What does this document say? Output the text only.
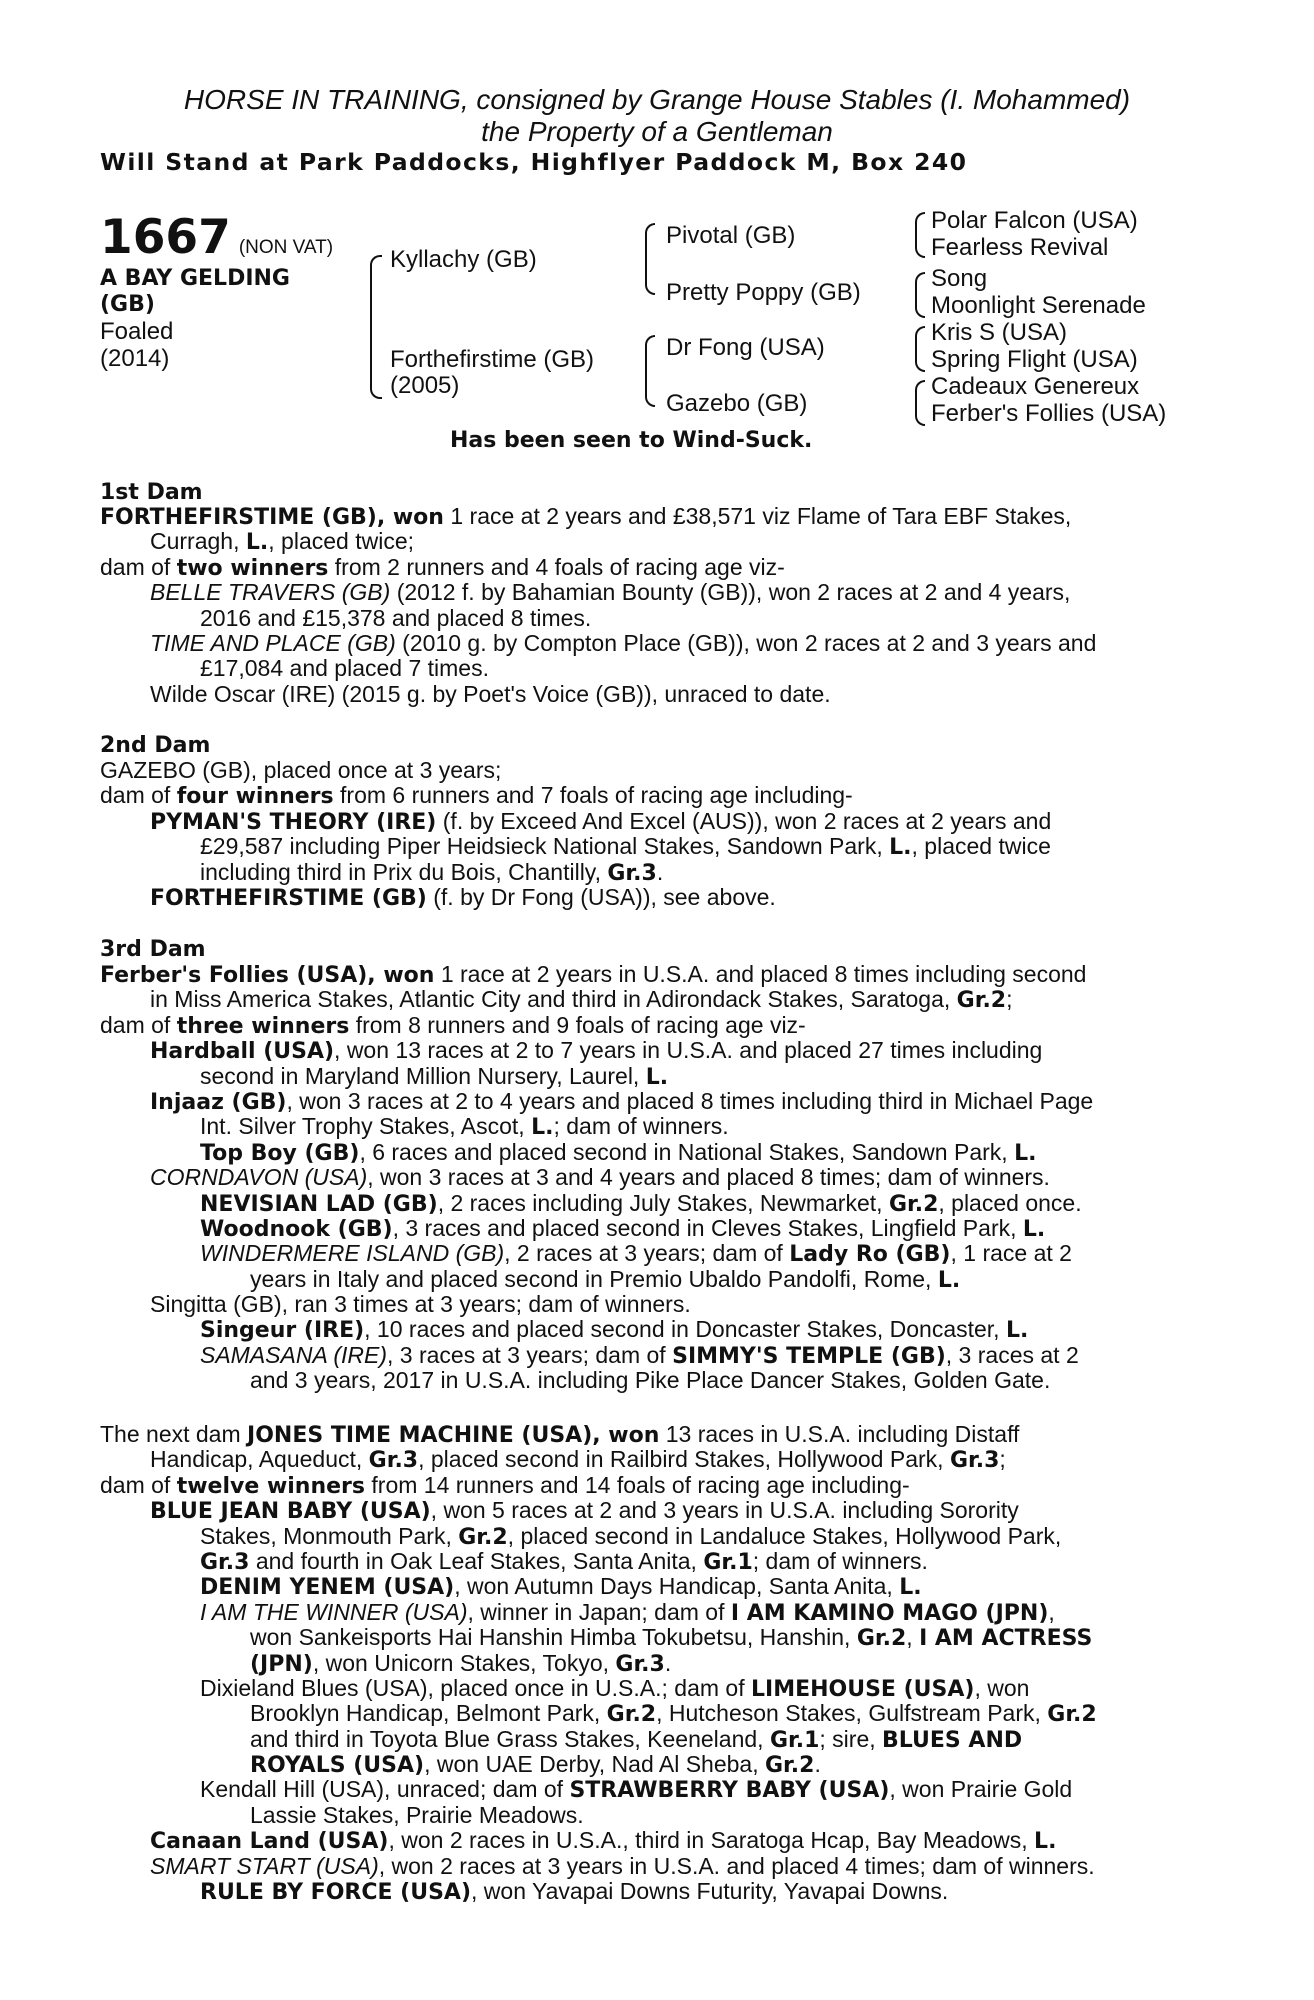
HORSE IN TRAINING, consigned by Grange House Stables (I. Mohammed)
the Property of a Gentleman
Will Stand at Park Paddocks, Highflyer Paddock M, Box 240
1667 (NON VAT)
A BAY GELDING
(GB)
Foaled
(2014)
Kyllachy (GB)
Forthefirstime (GB)
(2005)
Pivotal (GB)
Pretty Poppy (GB)
Dr Fong (USA)
Gazebo (GB)
Polar Falcon (USA)
Fearless Revival
Song
Moonlight Serenade
Kris S (USA)
Spring Flight (USA)
Cadeaux Genereux
Ferber's Follies (USA)
Has been seen to Wind-Suck.
1st Dam
FORTHEFIRSTIME (GB), won 1 race at 2 years and £38,571 viz Flame of Tara EBF Stakes,
Curragh, L., placed twice;
dam of two winners from 2 runners and 4 foals of racing age viz-
BELLE TRAVERS (GB) (2012 f. by Bahamian Bounty (GB)), won 2 races at 2 and 4 years,
2016 and £15,378 and placed 8 times.
TIME AND PLACE (GB) (2010 g. by Compton Place (GB)), won 2 races at 2 and 3 years and
£17,084 and placed 7 times.
Wilde Oscar (IRE) (2015 g. by Poet's Voice (GB)), unraced to date.
2nd Dam
GAZEBO (GB), placed once at 3 years;
dam of four winners from 6 runners and 7 foals of racing age including-
PYMAN'S THEORY (IRE) (f. by Exceed And Excel (AUS)), won 2 races at 2 years and
£29,587 including Piper Heidsieck National Stakes, Sandown Park, L., placed twice
including third in Prix du Bois, Chantilly, Gr.3.
FORTHEFIRSTIME (GB) (f. by Dr Fong (USA)), see above.
3rd Dam
Ferber's Follies (USA), won 1 race at 2 years in U.S.A. and placed 8 times including second
in Miss America Stakes, Atlantic City and third in Adirondack Stakes, Saratoga, Gr.2;
dam of three winners from 8 runners and 9 foals of racing age viz-
Hardball (USA), won 13 races at 2 to 7 years in U.S.A. and placed 27 times including
second in Maryland Million Nursery, Laurel, L.
Injaaz (GB), won 3 races at 2 to 4 years and placed 8 times including third in Michael Page
Int. Silver Trophy Stakes, Ascot, L.; dam of winners.
Top Boy (GB), 6 races and placed second in National Stakes, Sandown Park, L.
CORNDAVON (USA), won 3 races at 3 and 4 years and placed 8 times; dam of winners.
NEVISIAN LAD (GB), 2 races including July Stakes, Newmarket, Gr.2, placed once.
Woodnook (GB), 3 races and placed second in Cleves Stakes, Lingfield Park, L.
WINDERMERE ISLAND (GB), 2 races at 3 years; dam of Lady Ro (GB), 1 race at 2
years in Italy and placed second in Premio Ubaldo Pandolfi, Rome, L.
Singitta (GB), ran 3 times at 3 years; dam of winners.
Singeur (IRE), 10 races and placed second in Doncaster Stakes, Doncaster, L.
SAMASANA (IRE), 3 races at 3 years; dam of SIMMY'S TEMPLE (GB), 3 races at 2
and 3 years, 2017 in U.S.A. including Pike Place Dancer Stakes, Golden Gate.
The next dam JONES TIME MACHINE (USA), won 13 races in U.S.A. including Distaff
Handicap, Aqueduct, Gr.3, placed second in Railbird Stakes, Hollywood Park, Gr.3;
dam of twelve winners from 14 runners and 14 foals of racing age including-
BLUE JEAN BABY (USA), won 5 races at 2 and 3 years in U.S.A. including Sorority
Stakes, Monmouth Park, Gr.2, placed second in Landaluce Stakes, Hollywood Park,
Gr.3 and fourth in Oak Leaf Stakes, Santa Anita, Gr.1; dam of winners.
DENIM YENEM (USA), won Autumn Days Handicap, Santa Anita, L.
I AM THE WINNER (USA), winner in Japan; dam of I AM KAMINO MAGO (JPN),
won Sankeisports Hai Hanshin Himba Tokubetsu, Hanshin, Gr.2, I AM ACTRESS
(JPN), won Unicorn Stakes, Tokyo, Gr.3.
Dixieland Blues (USA), placed once in U.S.A.; dam of LIMEHOUSE (USA), won
Brooklyn Handicap, Belmont Park, Gr.2, Hutcheson Stakes, Gulfstream Park, Gr.2
and third in Toyota Blue Grass Stakes, Keeneland, Gr.1; sire, BLUES AND
ROYALS (USA), won UAE Derby, Nad Al Sheba, Gr.2.
Kendall Hill (USA), unraced; dam of STRAWBERRY BABY (USA), won Prairie Gold
Lassie Stakes, Prairie Meadows.
Canaan Land (USA), won 2 races in U.S.A., third in Saratoga Hcap, Bay Meadows, L.
SMART START (USA), won 2 races at 3 years in U.S.A. and placed 4 times; dam of winners.
RULE BY FORCE (USA), won Yavapai Downs Futurity, Yavapai Downs.
